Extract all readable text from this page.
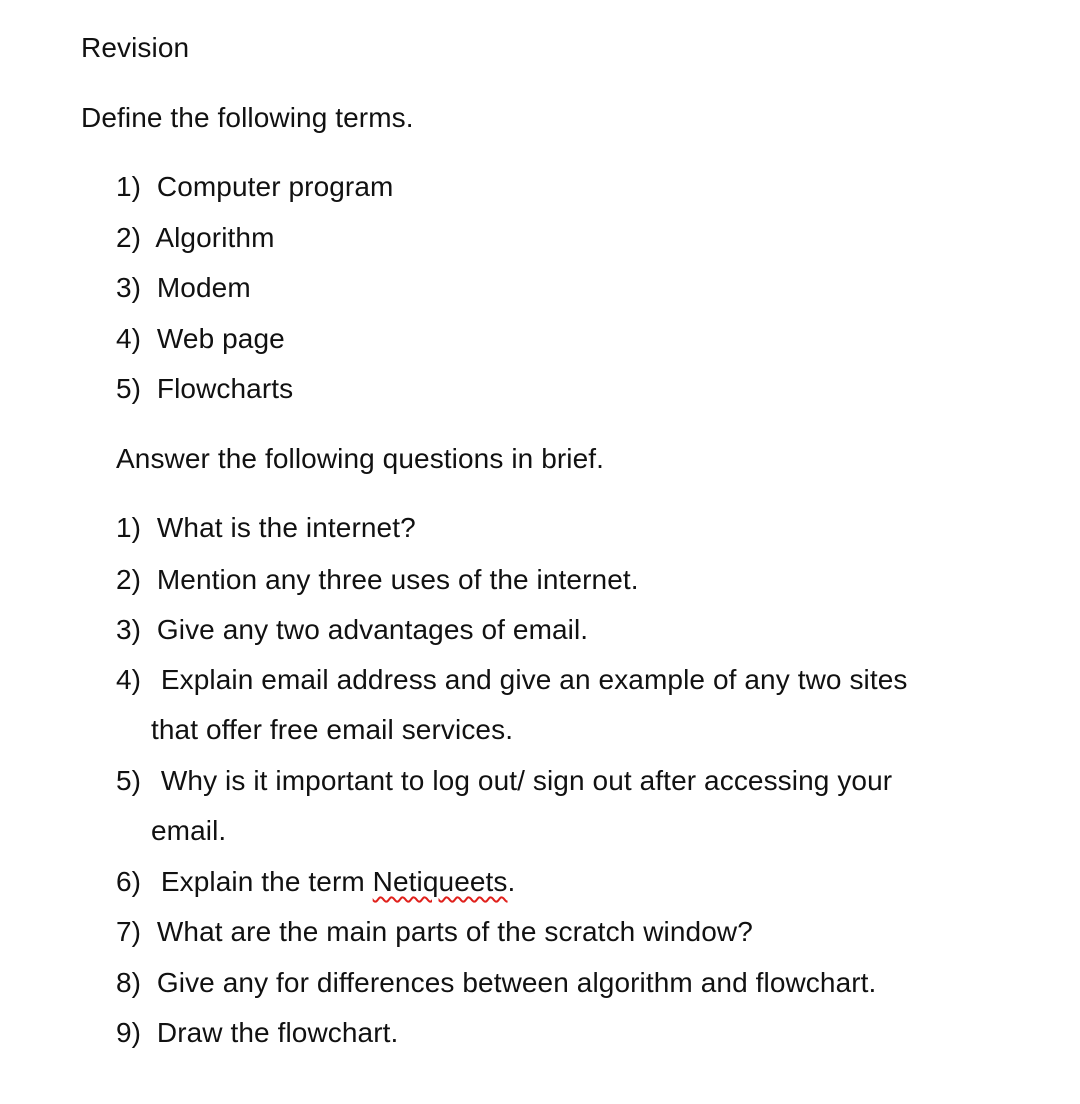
Revision
Define the following terms.
1)  Computer program
2)  Algorithm
3)  Modem
4)  Web page
5)  Flowcharts
Answer the following questions in brief.
1)  What is the internet?
2)  Mention any three uses of the internet.
3)  Give any two advantages of email.
4)  Explain email address and give an example of any two sites
that offer free email services.
5)  Why is it important to log out/ sign out after accessing your
email.
6)  Explain the term Netiqueets.
7)  What are the main parts of the scratch window?
8)  Give any for differences between algorithm and flowchart.
9)  Draw the flowchart.
